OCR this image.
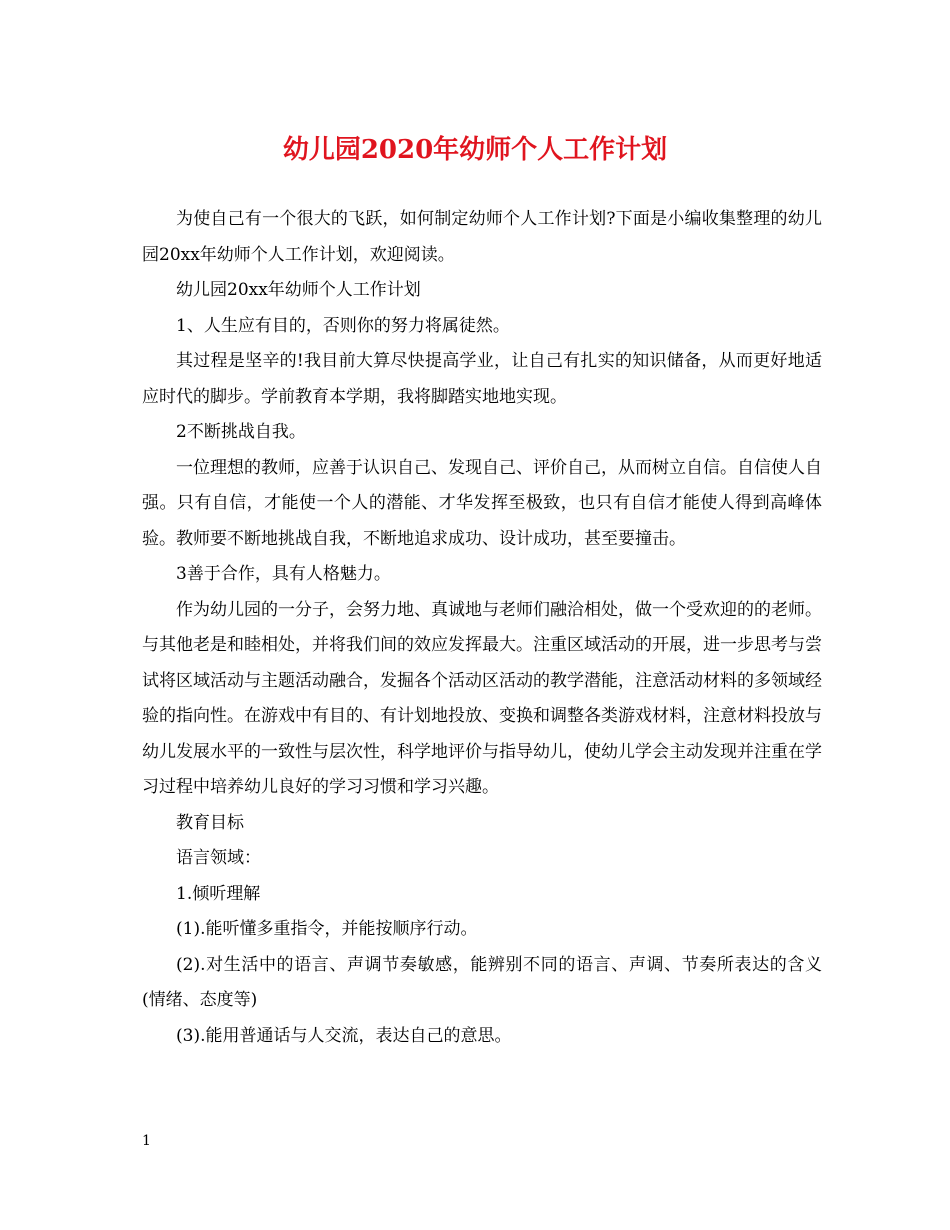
幼儿园2020年幼师个人工作计划

为使自己有一个很大的飞跃，如何制定幼师个人工作计划?下面是小编收集整理的幼儿园20xx年幼师个人工作计划，欢迎阅读。

幼儿园20xx年幼师个人工作计划

1、人生应有目的，否则你的努力将属徒然。

其过程是坚辛的!我目前大算尽快提高学业，让自己有扎实的知识储备，从而更好地适应时代的脚步。学前教育本学期，我将脚踏实地地实现。

2不断挑战自我。

一位理想的教师，应善于认识自己、发现自己、评价自己，从而树立自信。自信使人自强。只有自信，才能使一个人的潜能、才华发挥至极致，也只有自信才能使人得到高峰体验。教师要不断地挑战自我，不断地追求成功、设计成功，甚至要撞击。

3善于合作，具有人格魅力。

作为幼儿园的一分子，会努力地、真诚地与老师们融洽相处，做一个受欢迎的的老师。与其他老是和睦相处，并将我们间的效应发挥最大。注重区域活动的开展，进一步思考与尝试将区域活动与主题活动融合，发掘各个活动区活动的教学潜能，注意活动材料的多领域经验的指向性。在游戏中有目的、有计划地投放、变换和调整各类游戏材料，注意材料投放与幼儿发展水平的一致性与层次性，科学地评价与指导幼儿，使幼儿学会主动发现并注重在学习过程中培养幼儿良好的学习习惯和学习兴趣。

教育目标

语言领域：

1.倾听理解

(1).能听懂多重指令，并能按顺序行动。

(2).对生活中的语言、声调节奏敏感，能辨别不同的语言、声调、节奏所表达的含义(情绪、态度等)

(3).能用普通话与人交流，表达自己的意思。

1
